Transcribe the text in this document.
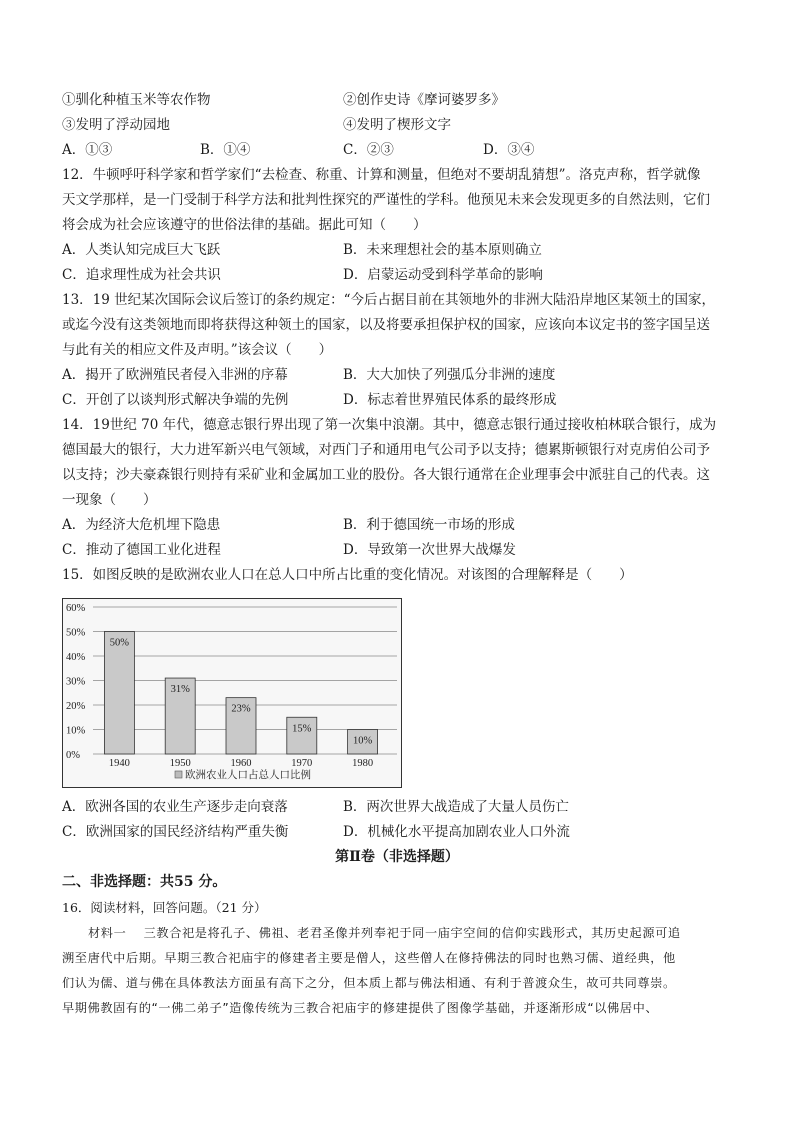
①驯化种植玉米等农作物	②创作史诗《摩诃婆罗多》
③发明了浮动园地	④发明了楔形文字
A．①③	B．①④	C．②③	D．③④
12．牛顿呼吁科学家和哲学家们“去检查、称重、计算和测量，但绝对不要胡乱猜想”。洛克声称，哲学就像
天文学那样，是一门受制于科学方法和批判性探究的严谨性的学科。他预见未来会发现更多的自然法则，它们
将会成为社会应该遵守的世俗法律的基础。据此可知（　　）
A．人类认知完成巨大飞跃	B．未来理想社会的基本原则确立
C．追求理性成为社会共识	D．启蒙运动受到科学革命的影响
13．19 世纪某次国际会议后签订的条约规定：“今后占据目前在其领地外的非洲大陆沿岸地区某领土的国家，
或迄今没有这类领地而即将获得这种领土的国家，以及将要承担保护权的国家，应该向本议定书的签字国呈送
与此有关的相应文件及声明。”该会议（　　）
A．揭开了欧洲殖民者侵入非洲的序幕	B．大大加快了列强瓜分非洲的速度
C．开创了以谈判形式解决争端的先例	D．标志着世界殖民体系的最终形成
14．19世纪 70 年代，德意志银行界出现了第一次集中浪潮。其中，德意志银行通过接收柏林联合银行，成为
德国最大的银行，大力进军新兴电气领域，对西门子和通用电气公司予以支持；德累斯顿银行对克虏伯公司予
以支持；沙夫豪森银行则持有采矿业和金属加工业的股份。各大银行通常在企业理事会中派驻自己的代表。这
一现象（　　）
A．为经济大危机埋下隐患	B．利于德国统一市场的形成
C．推动了德国工业化进程	D．导致第一次世界大战爆发
15．如图反映的是欧洲农业人口在总人口中所占比重的变化情况。对该图的合理解释是（　　）
60%
50%
40%
30%
20%
10%
0%
50%
1940
31%
1950
23%
1960
15%
1970
10%
1980
欧洲农业人口占总人口比例
A．欧洲各国的农业生产逐步走向衰落	B．两次世界大战造成了大量人员伤亡
C．欧洲国家的国民经济结构严重失衡	D．机械化水平提高加剧农业人口外流
第Ⅱ卷（非选择题）
二、非选择题：共55 分。
16．阅读材料，回答问题。（21 分）
材料一　 三教合祀是将孔子、佛祖、老君圣像并列奉祀于同一庙宇空间的信仰实践形式，其历史起源可追
溯至唐代中后期。早期三教合祀庙宇的修建者主要是僧人，这些僧人在修持佛法的同时也熟习儒、道经典，他
们认为儒、道与佛在具体教法方面虽有高下之分，但本质上都与佛法相通、有利于普渡众生，故可共同尊崇。
早期佛教固有的“一佛二弟子”造像传统为三教合祀庙宇的修建提供了图像学基础，并逐渐形成“以佛居中、
